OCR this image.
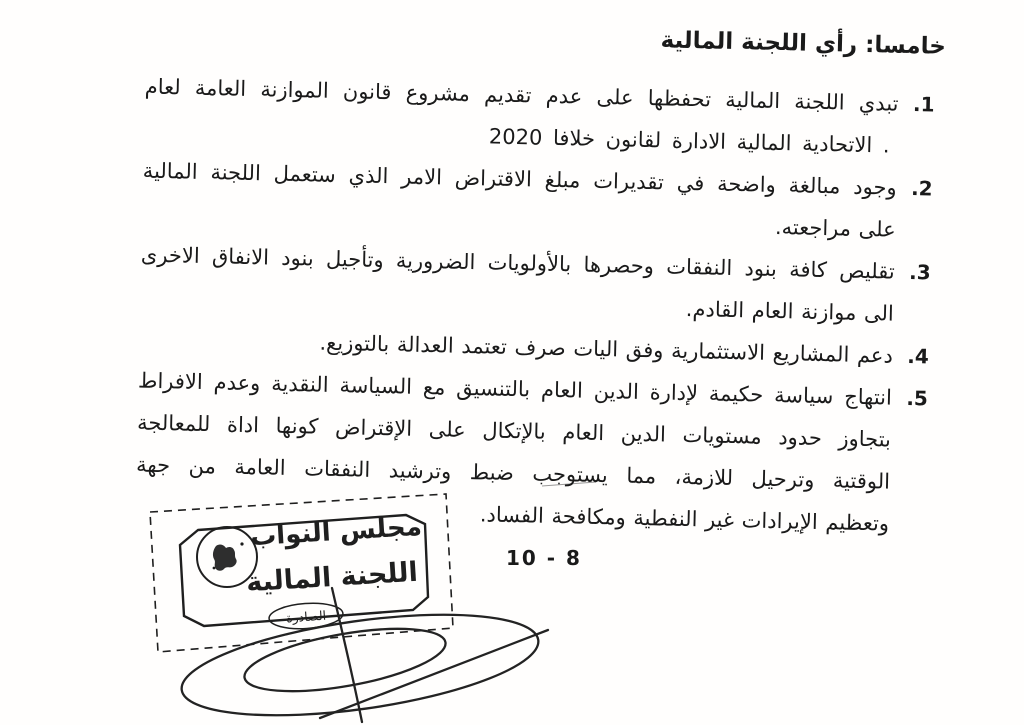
خامسا: رأي اللجنة المالية
1.
تبدي اللجنة المالية تحفظها على عدم تقديم مشروع قانون الموازنة العامة لعام
2020 خلافا لقانون الادارة المالية الاتحادية .
2.
وجود مبالغة واضحة في تقديرات مبلغ الاقتراض الامر الذي ستعمل اللجنة المالية
على مراجعته.
3.
تقليص كافة بنود النفقات وحصرها بالأولويات الضرورية وتأجيل بنود الانفاق الاخرى
الى موازنة العام القادم.
4.
دعم المشاريع الاستثمارية وفق اليات صرف تعتمد العدالة بالتوزيع.
5.
انتهاج سياسة حكيمة لإدارة الدين العام بالتنسيق مع السياسة النقدية وعدم الافراط
بتجاوز حدود مستويات الدين العام بالإتكال على الإقتراض كونها اداة للمعالجة
الوقتية وترحيل للازمة، مما يستوجب ضبط وترشيد النفقات العامة من جهة
وتعظيم الإيرادات غير النفطية ومكافحة الفساد.
10 - 8
مجلس النواب
اللجنة المالية
الصادرة
